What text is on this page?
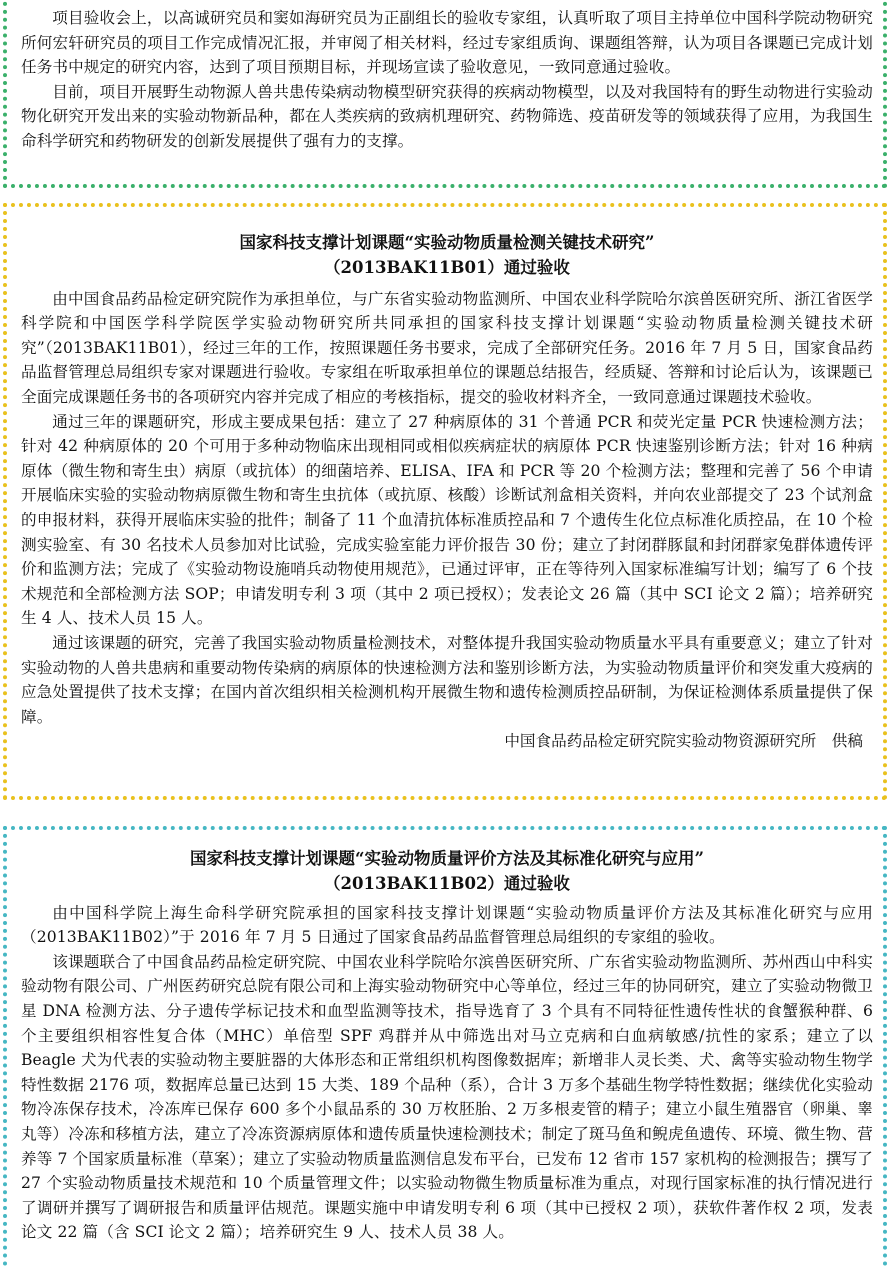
项目验收会上，以高诚研究员和窦如海研究员为正副组长的验收专家组，认真听取了项目主持单位中国科学院动物研究所何宏轩研究员的项目工作完成情况汇报，并审阅了相关材料，经过专家组质询、课题组答辩，认为项目各课题已完成计划任务书中规定的研究内容，达到了项目预期目标，并现场宣读了验收意见，一致同意通过验收。

目前，项目开展野生动物源人兽共患传染病动物模型研究获得的疾病动物模型，以及对我国特有的野生动物进行实验动物化研究开发出来的实验动物新品种，都在人类疾病的致病机理研究、药物筛选、疫苗研发等的领域获得了应用，为我国生命科学研究和药物研发的创新发展提供了强有力的支撑。

国家科技支撑计划课题“实验动物质量检测关键技术研究”

（2013BAK11B01）通过验收

由中国食品药品检定研究院作为承担单位，与广东省实验动物监测所、中国农业科学院哈尔滨兽医研究所、浙江省医学科学院和中国医学科学院医学实验动物研究所共同承担的国家科技支撑计划课题“实验动物质量检测关键技术研究”（2013BAK11B01），经过三年的工作，按照课题任务书要求，完成了全部研究任务。2016 年 7 月 5 日，国家食品药品监督管理总局组织专家对课题进行验收。专家组在听取承担单位的课题总结报告，经质疑、答辩和讨论后认为，该课题已全面完成课题任务书的各项研究内容并完成了相应的考核指标，提交的验收材料齐全，一致同意通过课题技术验收。

通过三年的课题研究，形成主要成果包括：建立了 27 种病原体的 31 个普通 PCR 和荧光定量 PCR 快速检测方法；针对 42 种病原体的 20 个可用于多种动物临床出现相同或相似疾病症状的病原体 PCR 快速鉴别诊断方法；针对 16 种病原体（微生物和寄生虫）病原（或抗体）的细菌培养、ELISA、IFA 和 PCR 等 20 个检测方法；整理和完善了 56 个申请开展临床实验的实验动物病原微生物和寄生虫抗体（或抗原、核酸）诊断试剂盒相关资料，并向农业部提交了 23 个试剂盒的申报材料，获得开展临床实验的批件；制备了 11 个血清抗体标准质控品和 7 个遗传生化位点标准化质控品，在 10 个检测实验室、有 30 名技术人员参加对比试验，完成实验室能力评价报告 30 份；建立了封闭群豚鼠和封闭群家兔群体遗传评价和监测方法；完成了《实验动物设施哨兵动物使用规范》，已通过评审，正在等待列入国家标准编写计划；编写了 6 个技术规范和全部检测方法 SOP；申请发明专利 3 项（其中 2 项已授权）；发表论文 26 篇（其中 SCI 论文 2 篇）；培养研究生 4 人、技术人员 15 人。

通过该课题的研究，完善了我国实验动物质量检测技术，对整体提升我国实验动物质量水平具有重要意义；建立了针对实验动物的人兽共患病和重要动物传染病的病原体的快速检测方法和鉴别诊断方法，为实验动物质量评价和突发重大疫病的应急处置提供了技术支撑；在国内首次组织相关检测机构开展微生物和遗传检测质控品研制，为保证检测体系质量提供了保障。

中国食品药品检定研究院实验动物资源研究所　供稿

国家科技支撑计划课题“实验动物质量评价方法及其标准化研究与应用”

（2013BAK11B02）通过验收

由中国科学院上海生命科学研究院承担的国家科技支撑计划课题“实验动物质量评价方法及其标准化研究与应用（2013BAK11B02）”于 2016 年 7 月 5 日通过了国家食品药品监督管理总局组织的专家组的验收。

该课题联合了中国食品药品检定研究院、中国农业科学院哈尔滨兽医研究所、广东省实验动物监测所、苏州西山中科实验动物有限公司、广州医药研究总院有限公司和上海实验动物研究中心等单位，经过三年的协同研究，建立了实验动物微卫星 DNA 检测方法、分子遗传学标记技术和血型监测等技术，指导选育了 3 个具有不同特征性遗传性状的食蟹猴种群、6 个主要组织相容性复合体（MHC）单倍型 SPF 鸡群并从中筛选出对马立克病和白血病敏感/抗性的家系；建立了以 Beagle 犬为代表的实验动物主要脏器的大体形态和正常组织机构图像数据库；新增非人灵长类、犬、禽等实验动物生物学特性数据 2176 项，数据库总量已达到 15 大类、189 个品种（系），合计 3 万多个基础生物学特性数据；继续优化实验动物冷冻保存技术，冷冻库已保存 600 多个小鼠品系的 30 万枚胚胎、2 万多根麦管的精子；建立小鼠生殖器官（卵巢、睾丸等）冷冻和移植方法，建立了冷冻资源病原体和遗传质量快速检测技术；制定了斑马鱼和鲵虎鱼遗传、环境、微生物、营养等 7 个国家质量标准（草案）；建立了实验动物质量监测信息发布平台，已发布 12 省市 157 家机构的检测报告；撰写了 27 个实验动物质量技术规范和 10 个质量管理文件；以实验动物微生物质量标准为重点，对现行国家标准的执行情况进行了调研并撰写了调研报告和质量评估规范。课题实施中申请发明专利 6 项（其中已授权 2 项），获软件著作权 2 项，发表论文 22 篇（含 SCI 论文 2 篇）；培养研究生 9 人、技术人员 38 人。
